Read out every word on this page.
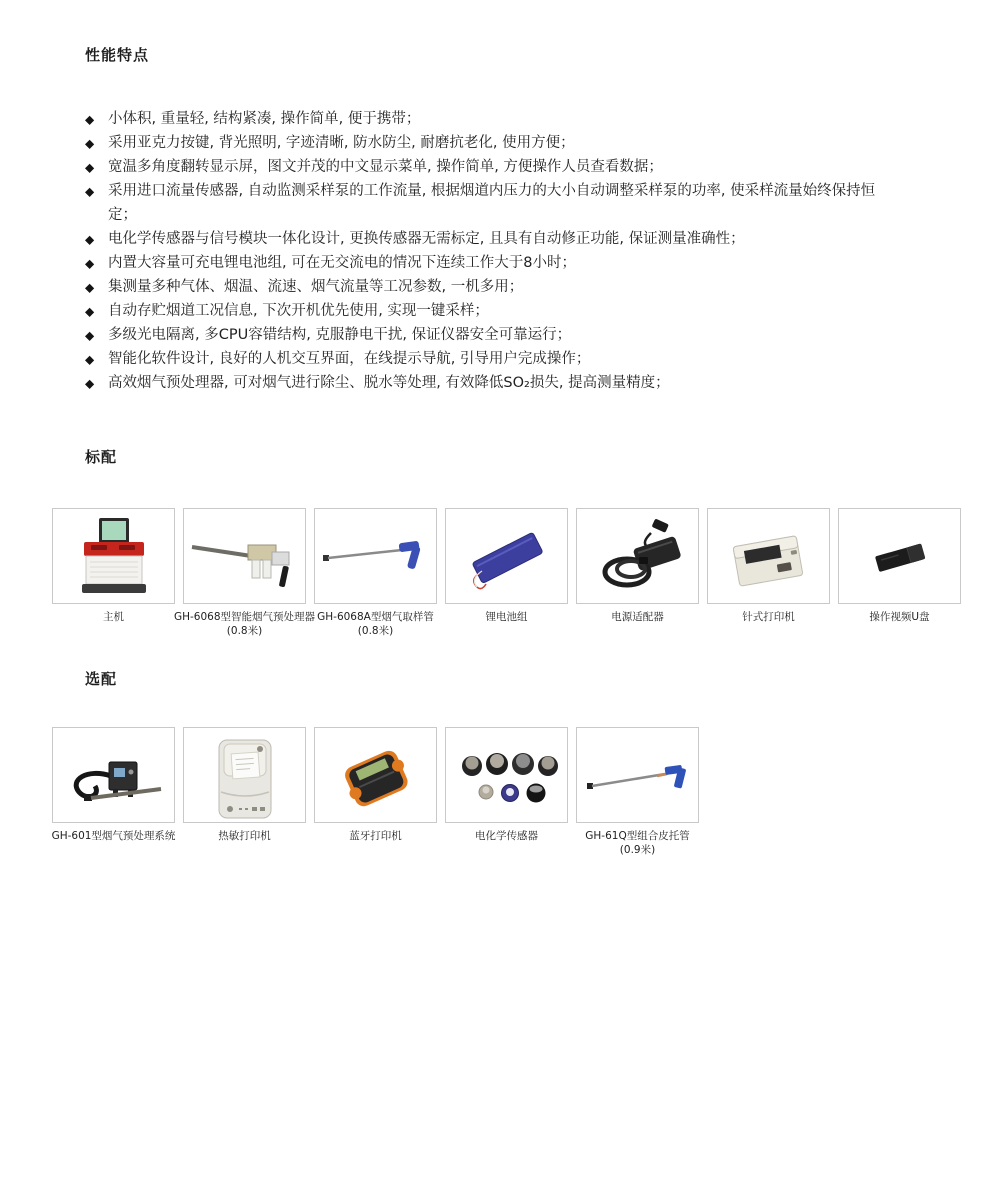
性能特点
◆ 小体积, 重量轻, 结构紧凑, 操作简单, 便于携带；
◆ 采用亚克力按键, 背光照明, 字迹清晰, 防水防尘, 耐磨抗老化, 使用方便；
◆ 宽温多角度翻转显示屏，图文并茂的中文显示菜单, 操作简单, 方便操作人员查看数据；
◆ 采用进口流量传感器, 自动监测采样泵的工作流量, 根据烟道内压力的大小自动调整采样泵的功率, 使采样流量始终保持恒定；
◆ 电化学传感器与信号模块一体化设计, 更换传感器无需标定, 且具有自动修正功能, 保证测量准确性；
◆ 内置大容量可充电锂电池组, 可在无交流电的情况下连续工作大于8小时；
◆ 集测量多种气体、烟温、流速、烟气流量等工况参数, 一机多用；
◆ 自动存贮烟道工况信息, 下次开机优先使用, 实现一键采样；
◆ 多级光电隔离, 多CPU容错结构, 克服静电干扰, 保证仪器安全可靠运行；
◆ 智能化软件设计, 良好的人机交互界面，在线提示导航, 引导用户完成操作；
◆ 高效烟气预处理器, 可对烟气进行除尘、脱水等处理, 有效降低SO₂损失, 提高测量精度；
标配
主机	GH-6068型智能烟气预处理器
(0.8米)
GH-6068A型烟气取样管
(0.8米)
锂电池组	电源适配器	针式打印机	操作视频U盘
选配
GH-601型烟气预处理系统	热敏打印机	蓝牙打印机	电化学传感器	GH-61Q型组合皮托管
(0.9米)
